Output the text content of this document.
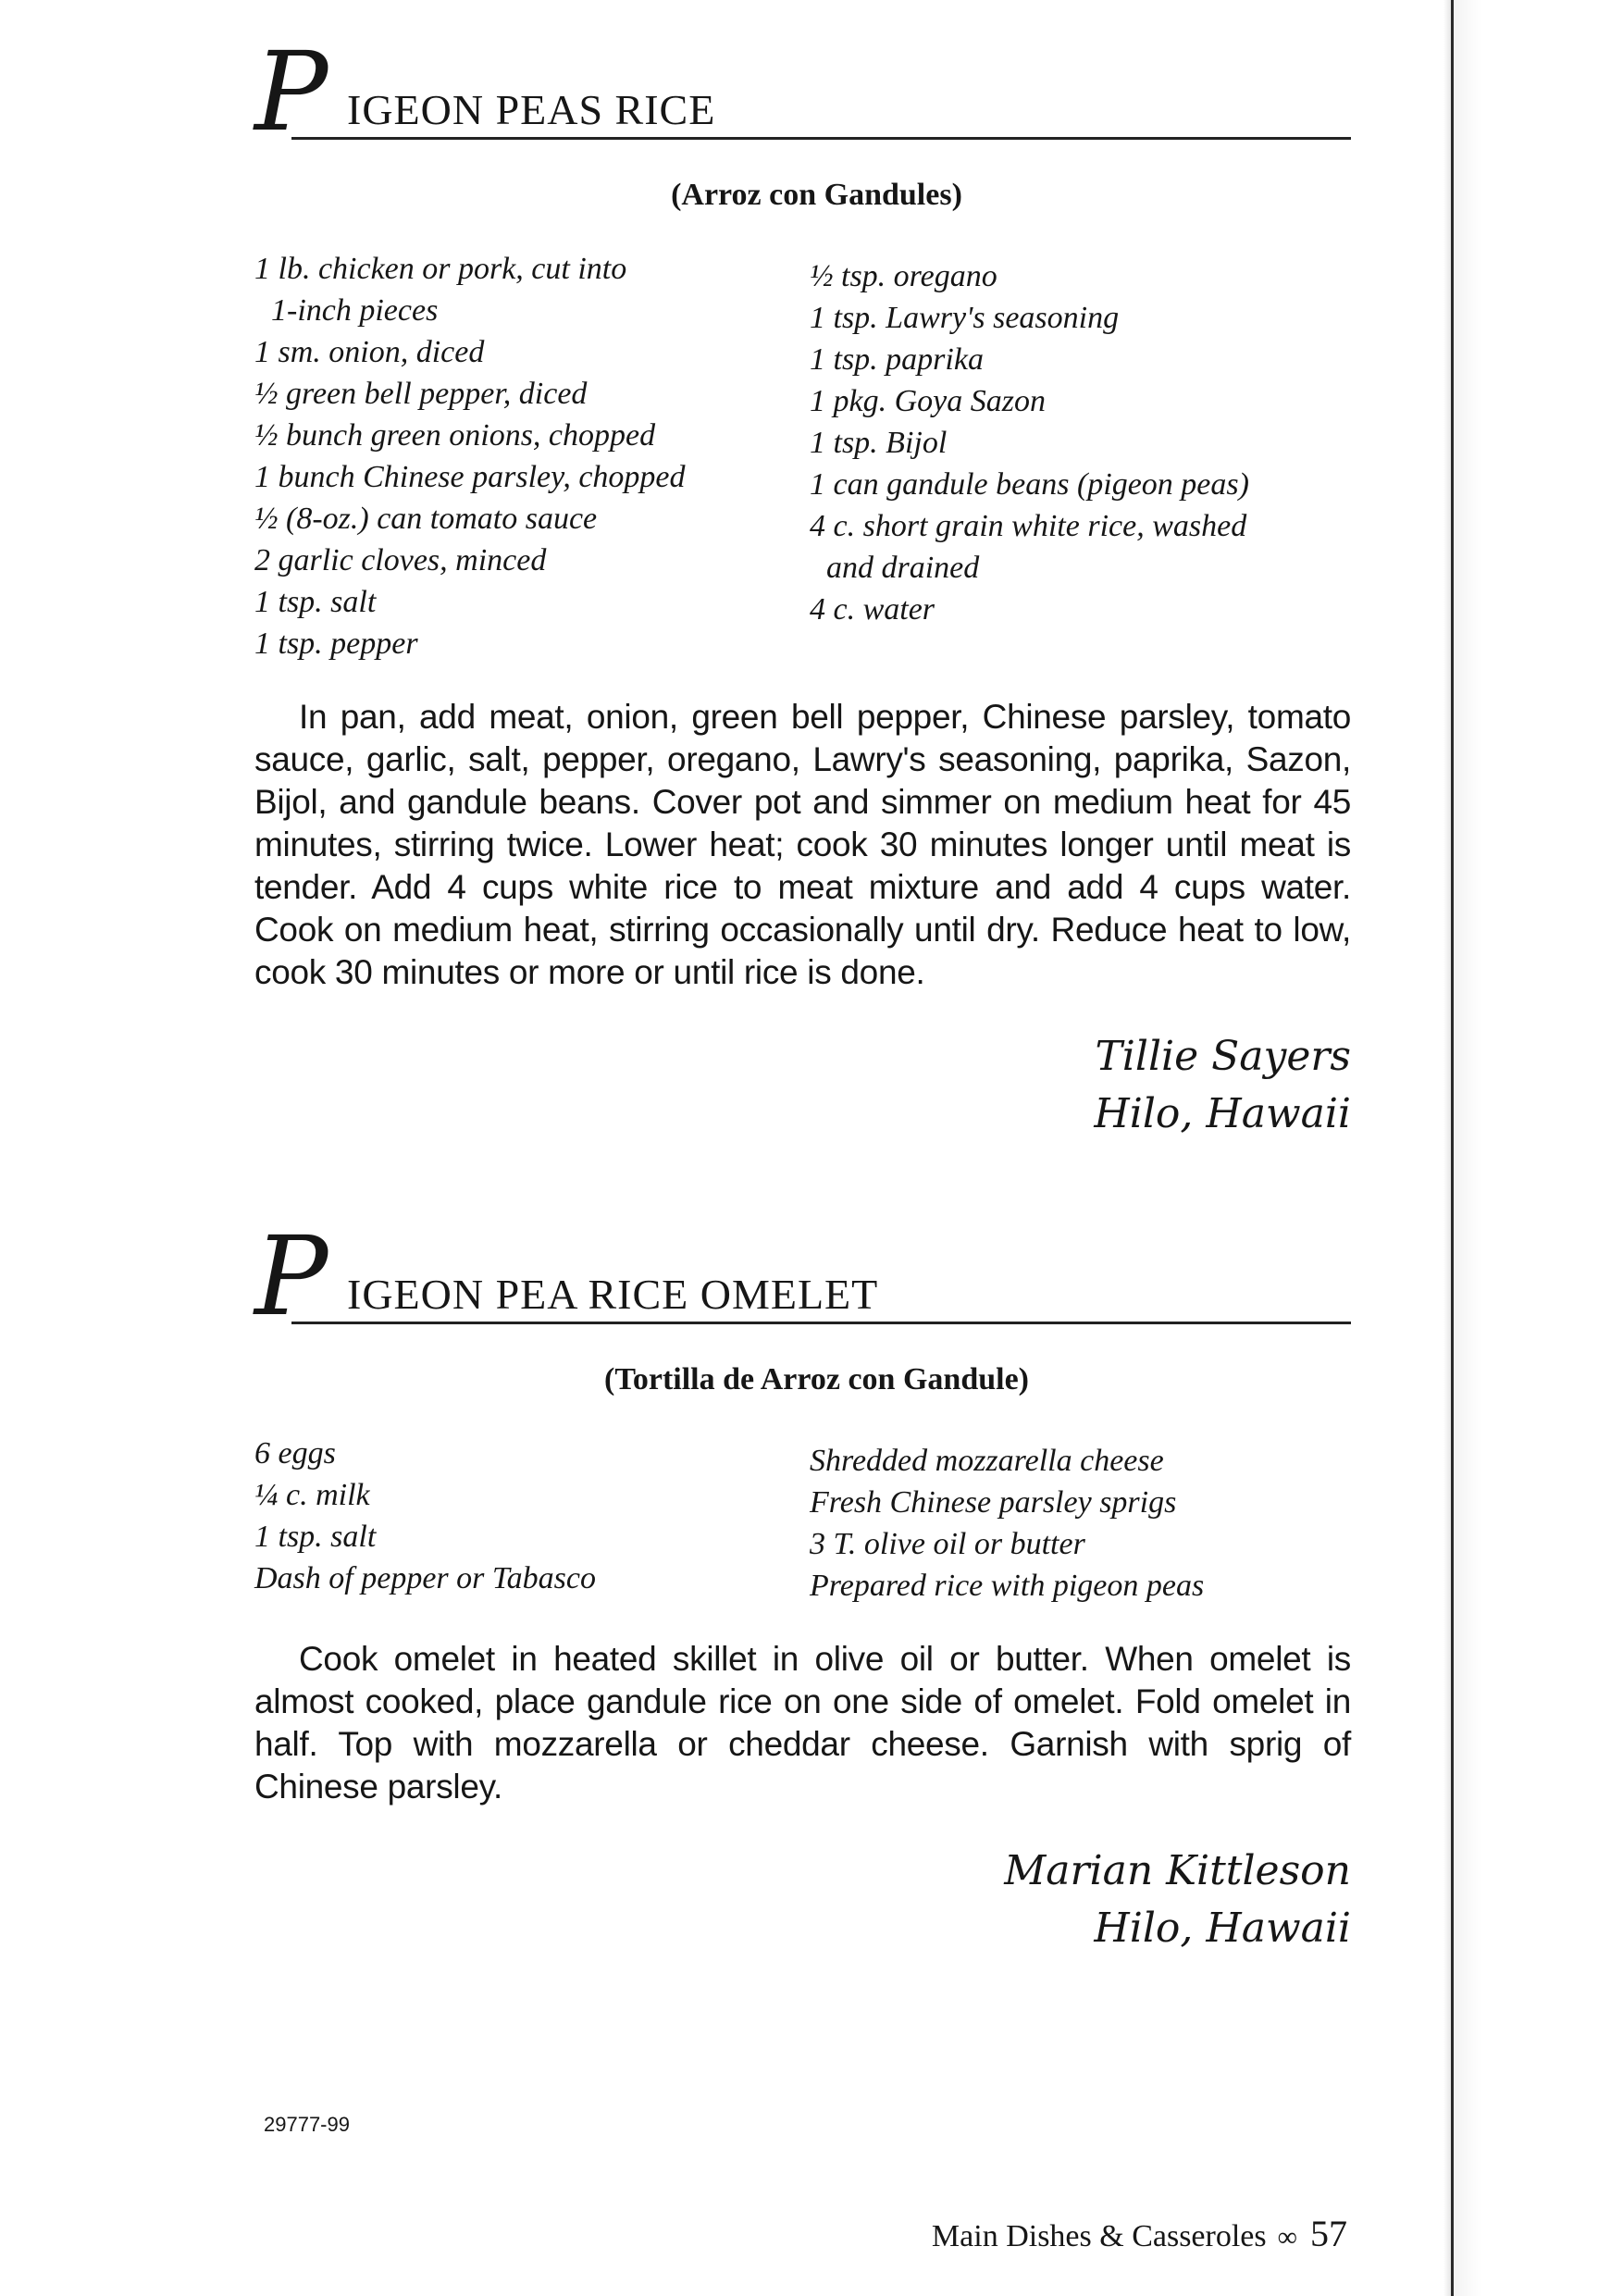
P IGEON PEAS RICE
(Arroz con Gandules)
1 lb. chicken or pork, cut into
1-inch pieces
1 sm. onion, diced
½ green bell pepper, diced
½ bunch green onions, chopped
1 bunch Chinese parsley, chopped
½ (8-oz.) can tomato sauce
2 garlic cloves, minced
1 tsp. salt
1 tsp. pepper
½ tsp. oregano
1 tsp. Lawry's seasoning
1 tsp. paprika
1 pkg. Goya Sazon
1 tsp. Bijol
1 can gandule beans (pigeon peas)
4 c. short grain white rice, washed
and drained
4 c. water

In pan, add meat, onion, green bell pepper, Chinese parsley, tomato sauce, garlic, salt, pepper, oregano, Lawry's seasoning, paprika, Sazon, Bijol, and gandule beans. Cover pot and simmer on medium heat for 45 minutes, stirring twice. Lower heat; cook 30 minutes longer until meat is tender. Add 4 cups white rice to meat mixture and add 4 cups water. Cook on medium heat, stirring occasionally until dry. Reduce heat to low, cook 30 minutes or more or until rice is done.

Tillie Sayers
Hilo, Hawaii
P IGEON PEA RICE OMELET
(Tortilla de Arroz con Gandule)
6 eggs
¼ c. milk
1 tsp. salt
Dash of pepper or Tabasco
Shredded mozzarella cheese
Fresh Chinese parsley sprigs
3 T. olive oil or butter
Prepared rice with pigeon peas

Cook omelet in heated skillet in olive oil or butter. When omelet is almost cooked, place gandule rice on one side of omelet. Fold omelet in half. Top with mozzarella or cheddar cheese. Garnish with sprig of Chinese parsley.

Marian Kittleson
Hilo, Hawaii
29777-99
Main Dishes & Casseroles ∞ 57
